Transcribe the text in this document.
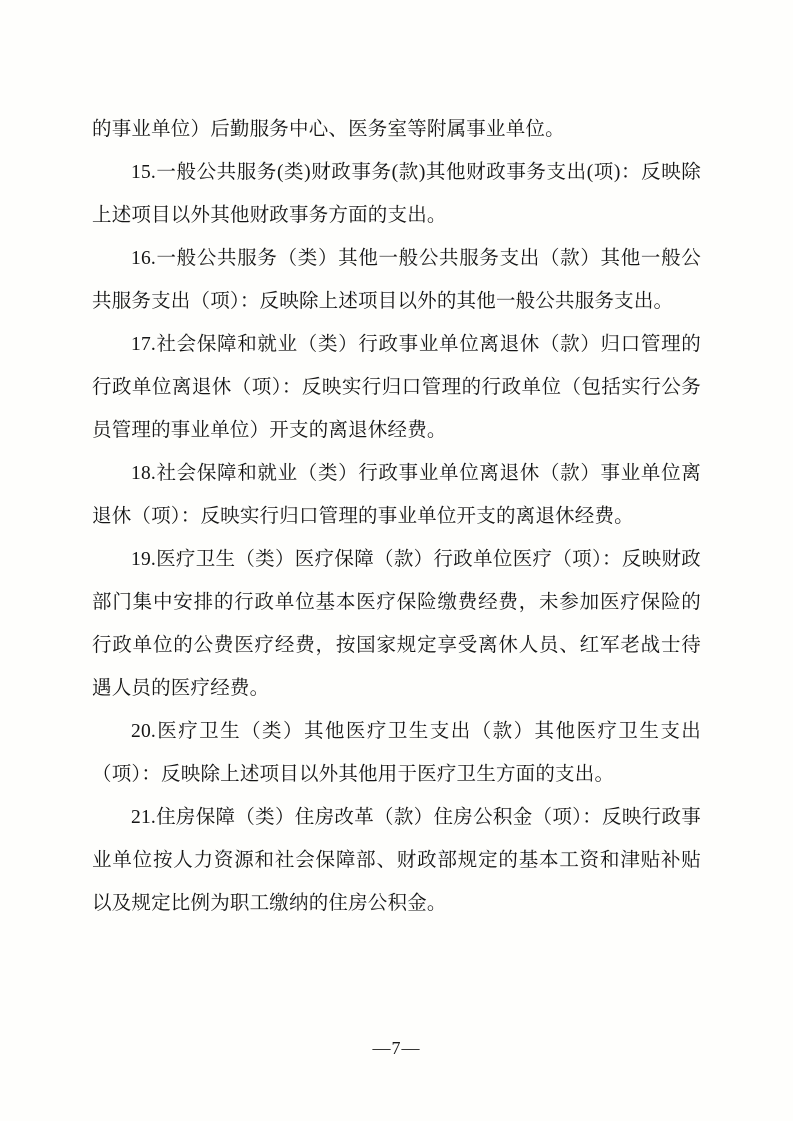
的事业单位）后勤服务中心、医务室等附属事业单位。

15.一般公共服务(类)财政事务(款)其他财政事务支出(项)：反映除上述项目以外其他财政事务方面的支出。

16.一般公共服务（类）其他一般公共服务支出（款）其他一般公共服务支出（项）：反映除上述项目以外的其他一般公共服务支出。

17.社会保障和就业（类）行政事业单位离退休（款）归口管理的行政单位离退休（项）：反映实行归口管理的行政单位（包括实行公务员管理的事业单位）开支的离退休经费。

18.社会保障和就业（类）行政事业单位离退休（款）事业单位离退休（项）：反映实行归口管理的事业单位开支的离退休经费。

19.医疗卫生（类）医疗保障（款）行政单位医疗（项）：反映财政部门集中安排的行政单位基本医疗保险缴费经费，未参加医疗保险的行政单位的公费医疗经费，按国家规定享受离休人员、红军老战士待遇人员的医疗经费。

20.医疗卫生（类）其他医疗卫生支出（款）其他医疗卫生支出（项）：反映除上述项目以外其他用于医疗卫生方面的支出。

21.住房保障（类）住房改革（款）住房公积金（项）：反映行政事业单位按人力资源和社会保障部、财政部规定的基本工资和津贴补贴以及规定比例为职工缴纳的住房公积金。

—7—
